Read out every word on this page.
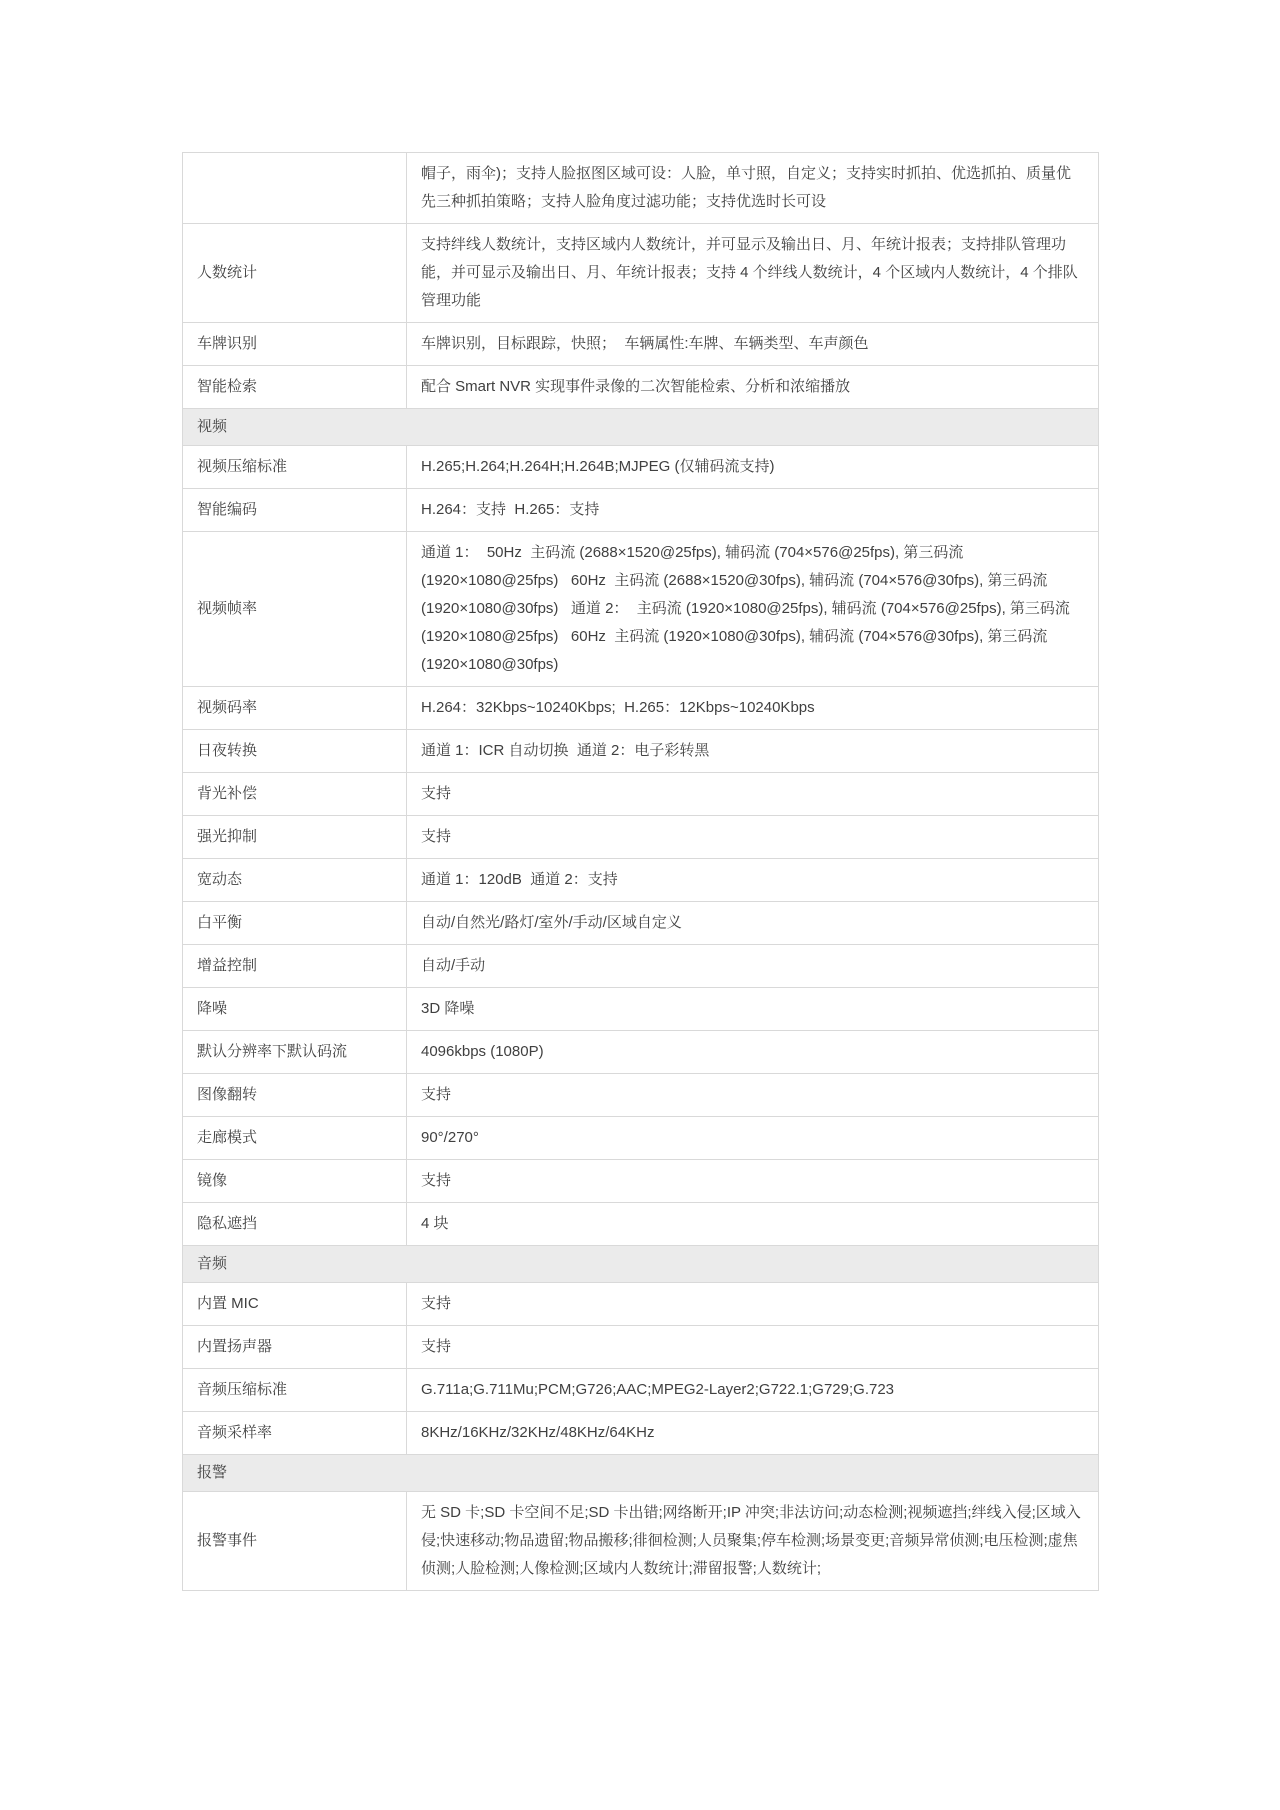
	帽子，雨伞)；支持人脸抠图区域可设：人脸，单寸照，自定义；支持实时抓拍、优选抓拍、质量优先三种抓拍策略；支持人脸角度过滤功能；支持优选时长可设
人数统计	支持绊线人数统计，支持区域内人数统计，并可显示及输出日、月、年统计报表；支持排队管理功能，并可显示及输出日、月、年统计报表；支持 4 个绊线人数统计，4 个区域内人数统计，4 个排队管理功能
车牌识别	车牌识别，目标跟踪，快照；  车辆属性:车牌、车辆类型、车声颜色
智能检索	配合 Smart NVR 实现事件录像的二次智能检索、分析和浓缩播放
视频	
视频压缩标准	H.265;H.264;H.264H;H.264B;MJPEG (仅辅码流支持)
智能编码	H.264：支持  H.265：支持
视频帧率	通道 1：  50Hz  主码流 (2688×1520@25fps), 辅码流 (704×576@25fps), 第三码流 (1920×1080@25fps)   60Hz  主码流 (2688×1520@30fps), 辅码流 (704×576@30fps), 第三码流 (1920×1080@30fps)   通道 2：  主码流 (1920×1080@25fps), 辅码流 (704×576@25fps), 第三码流 (1920×1080@25fps)   60Hz  主码流 (1920×1080@30fps), 辅码流 (704×576@30fps), 第三码流 (1920×1080@30fps)
视频码率	H.264：32Kbps~10240Kbps;  H.265：12Kbps~10240Kbps
日夜转换	通道 1：ICR 自动切换  通道 2：电子彩转黑
背光补偿	支持
强光抑制	支持
宽动态	通道 1：120dB  通道 2：支持
白平衡	自动/自然光/路灯/室外/手动/区域自定义
增益控制	自动/手动
降噪	3D 降噪
默认分辨率下默认码流	4096kbps (1080P)
图像翻转	支持
走廊模式	90°/270°
镜像	支持
隐私遮挡	4 块
音频	
内置 MIC	支持
内置扬声器	支持
音频压缩标准	G.711a;G.711Mu;PCM;G726;AAC;MPEG2-Layer2;G722.1;G729;G.723
音频采样率	8KHz/16KHz/32KHz/48KHz/64KHz
报警	
报警事件	无 SD 卡;SD 卡空间不足;SD 卡出错;网络断开;IP 冲突;非法访问;动态检测;视频遮挡;绊线入侵;区域入侵;快速移动;物品遗留;物品搬移;徘徊检测;人员聚集;停车检测;场景变更;音频异常侦测;电压检测;虚焦侦测;人脸检测;人像检测;区域内人数统计;滞留报警;人数统计;
